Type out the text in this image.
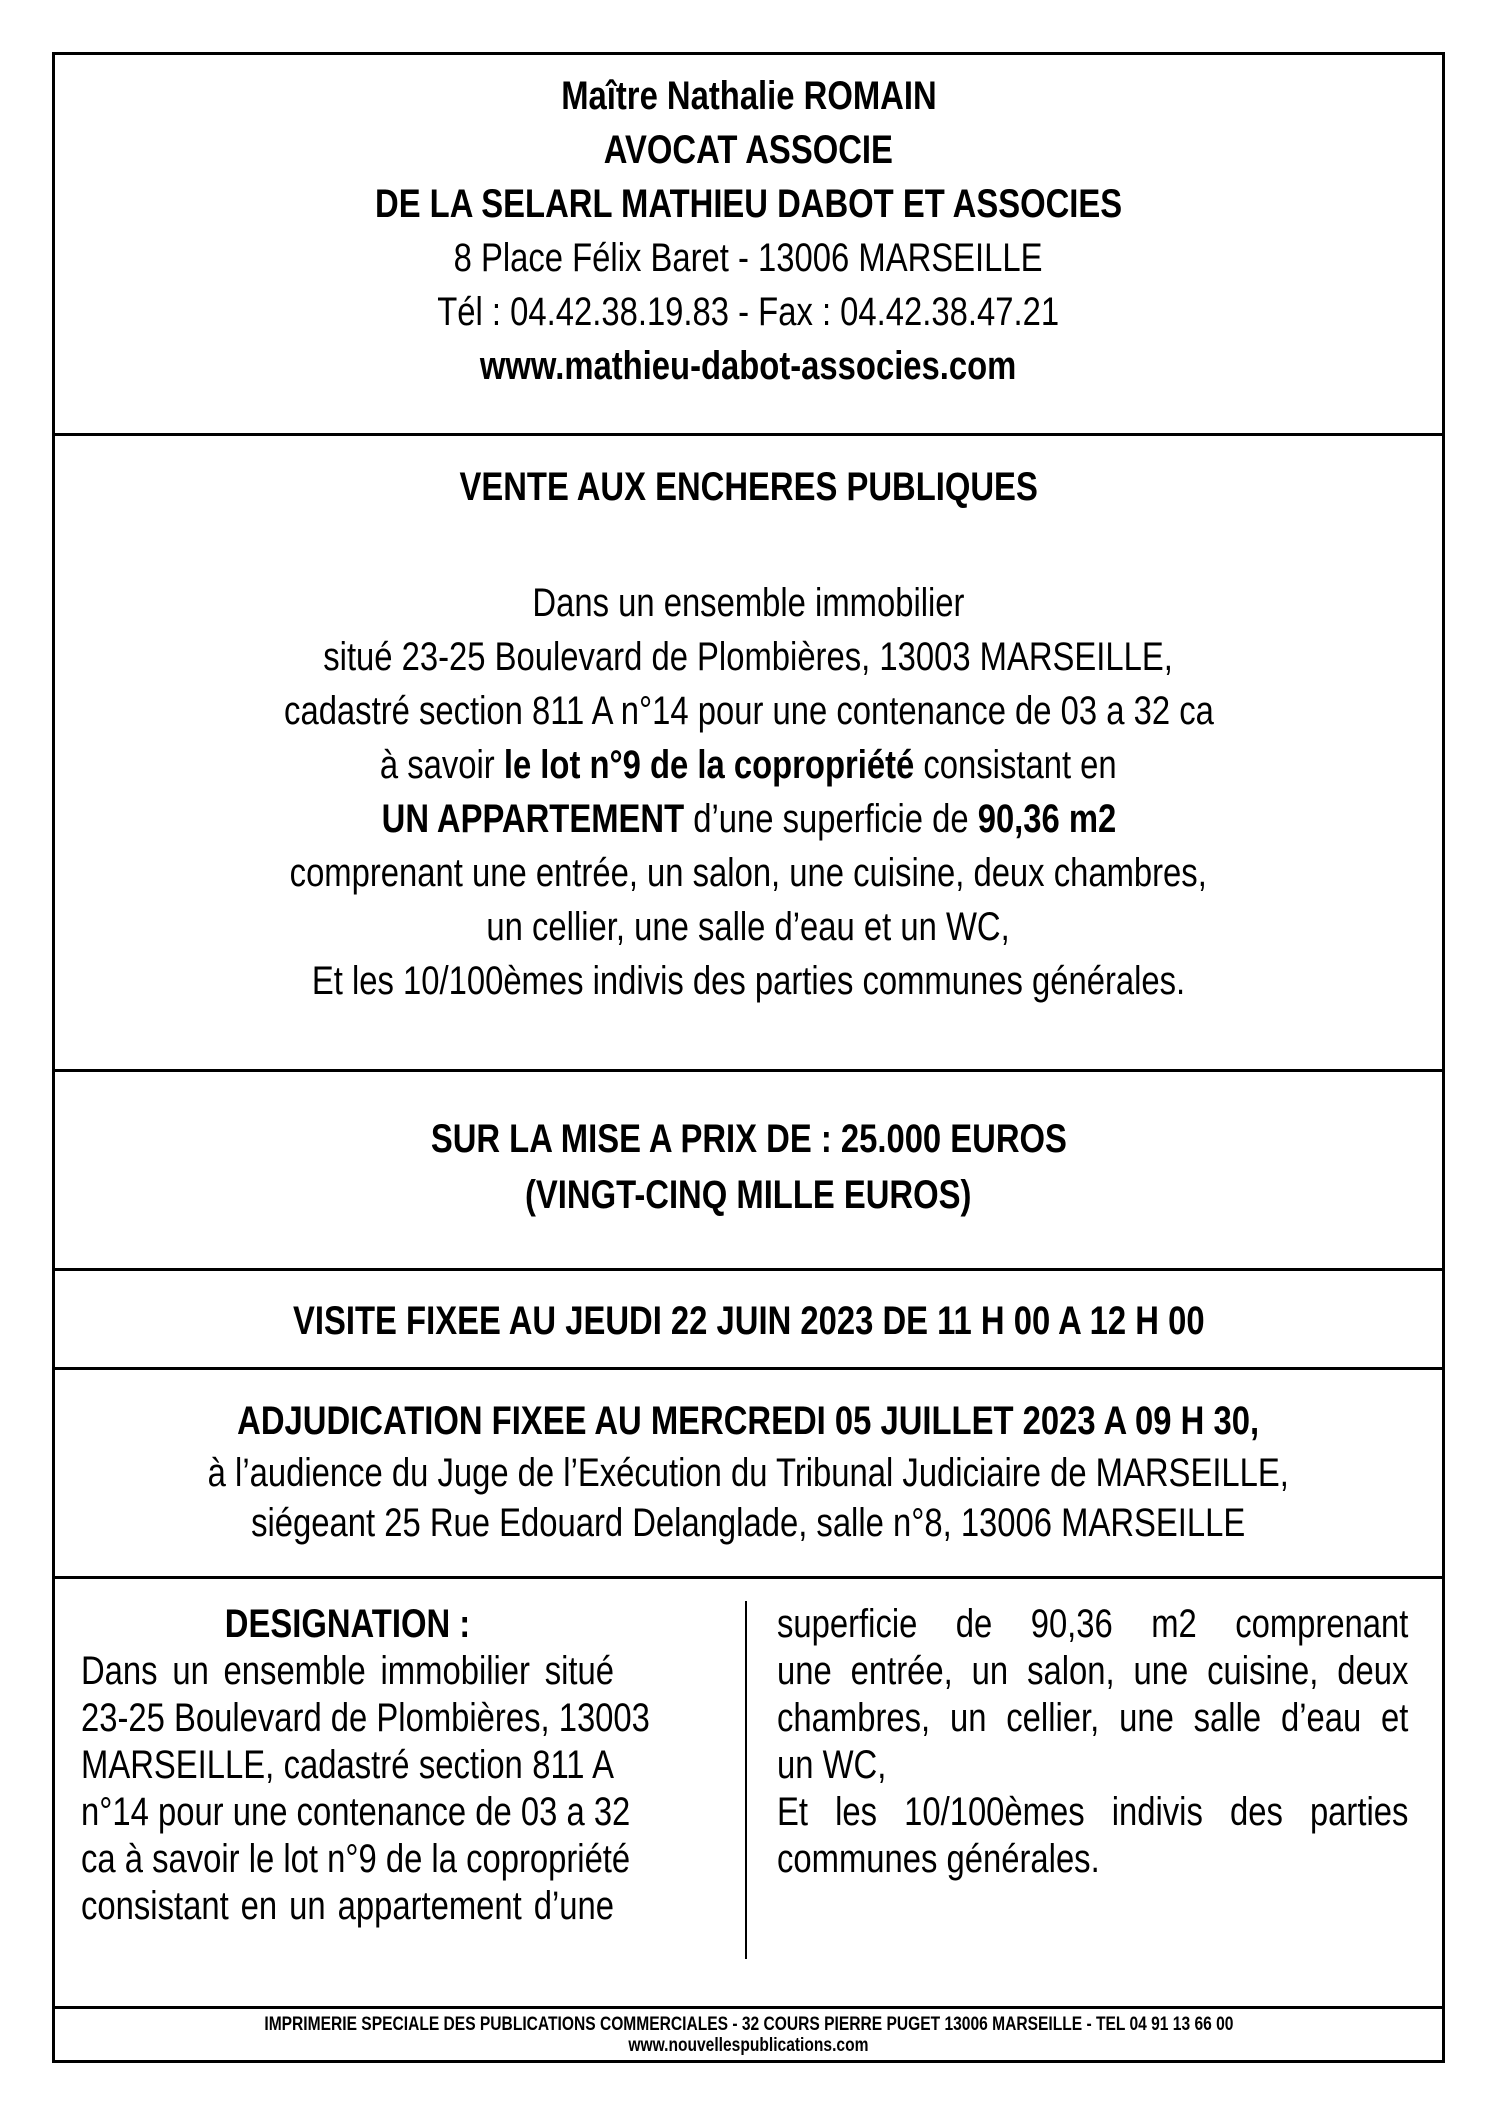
Maître Nathalie ROMAIN
AVOCAT ASSOCIE
DE LA SELARL MATHIEU DABOT ET ASSOCIES
8 Place Félix Baret - 13006 MARSEILLE
Tél : 04.42.38.19.83 - Fax : 04.42.38.47.21
www.mathieu-dabot-associes.com
VENTE AUX ENCHERES PUBLIQUES
Dans un ensemble immobilier
situé 23-25 Boulevard de Plombières, 13003 MARSEILLE,
cadastré section 811 A n°14 pour une contenance de 03 a 32 ca
à savoir le lot n°9 de la copropriété consistant en
UN APPARTEMENT d’une superficie de 90,36 m2
comprenant une entrée, un salon, une cuisine, deux chambres,
un cellier, une salle d’eau et un WC,
Et les 10/100èmes indivis des parties communes générales.
SUR LA MISE A PRIX DE : 25.000 EUROS
(VINGT-CINQ MILLE EUROS)
VISITE FIXEE AU JEUDI 22 JUIN 2023 DE 11 H 00 A 12 H 00
ADJUDICATION FIXEE AU MERCREDI 05 JUILLET 2023 A 09 H 30,
à l’audience du Juge de l’Exécution du Tribunal Judiciaire de MARSEILLE,
siégeant 25 Rue Edouard Delanglade, salle n°8, 13006 MARSEILLE
DESIGNATION :
Dans un ensemble immobilier situé
23-25 Boulevard de Plombières, 13003
MARSEILLE, cadastré section 811 A
n°14 pour une contenance de 03 a 32
ca à savoir le lot n°9 de la copropriété
consistant en un appartement d’une
superficie de 90,36 m2 comprenant
une entrée, un salon, une cuisine, deux
chambres, un cellier, une salle d’eau et
un WC,
Et les 10/100èmes indivis des parties
communes générales.
IMPRIMERIE SPECIALE DES PUBLICATIONS COMMERCIALES - 32 COURS PIERRE PUGET 13006 MARSEILLE - TEL 04 91 13 66 00
www.nouvellespublications.com
